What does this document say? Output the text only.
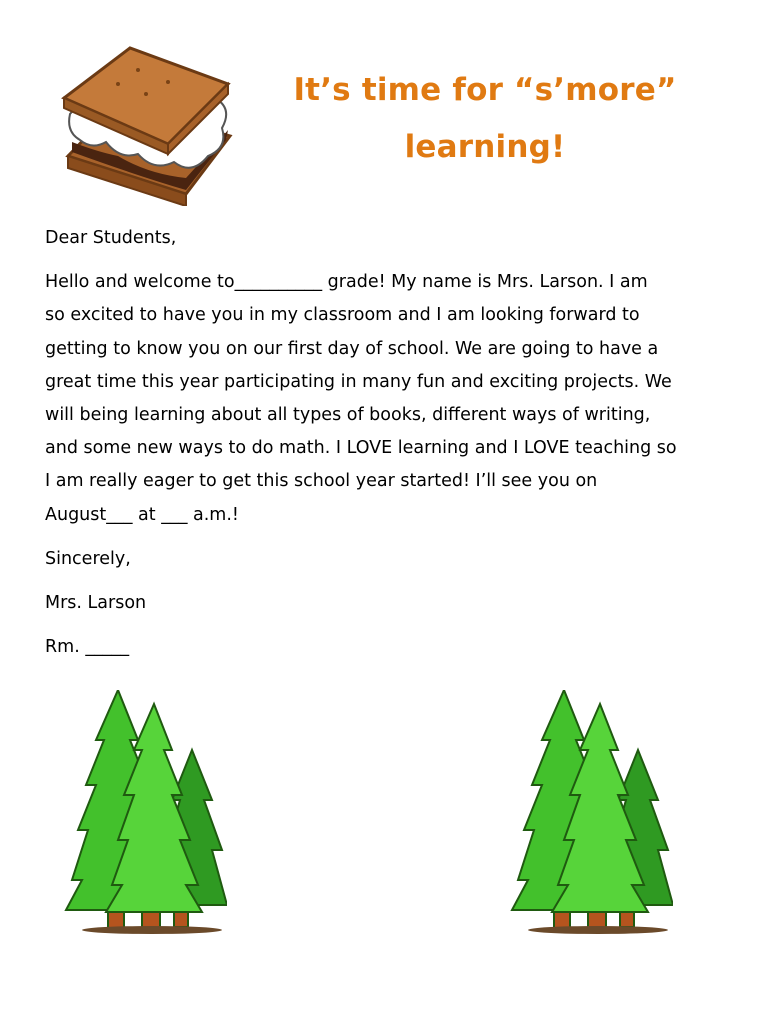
It’s time for “s’more”
learning!

Dear Students,

Hello and welcome to__________ grade! My name is Mrs. Larson. I am
so excited to have you in my classroom and I am looking forward to
getting to know you on our first day of school. We are going to have a
great time this year participating in many fun and exciting projects. We
will being learning about all types of books, different ways of writing,
and some new ways to do math. I LOVE learning and I LOVE teaching so
I am really eager to get this school year started! I’ll see you on
August___ at ___ a.m.!

Sincerely,

Mrs. Larson

Rm. _____
